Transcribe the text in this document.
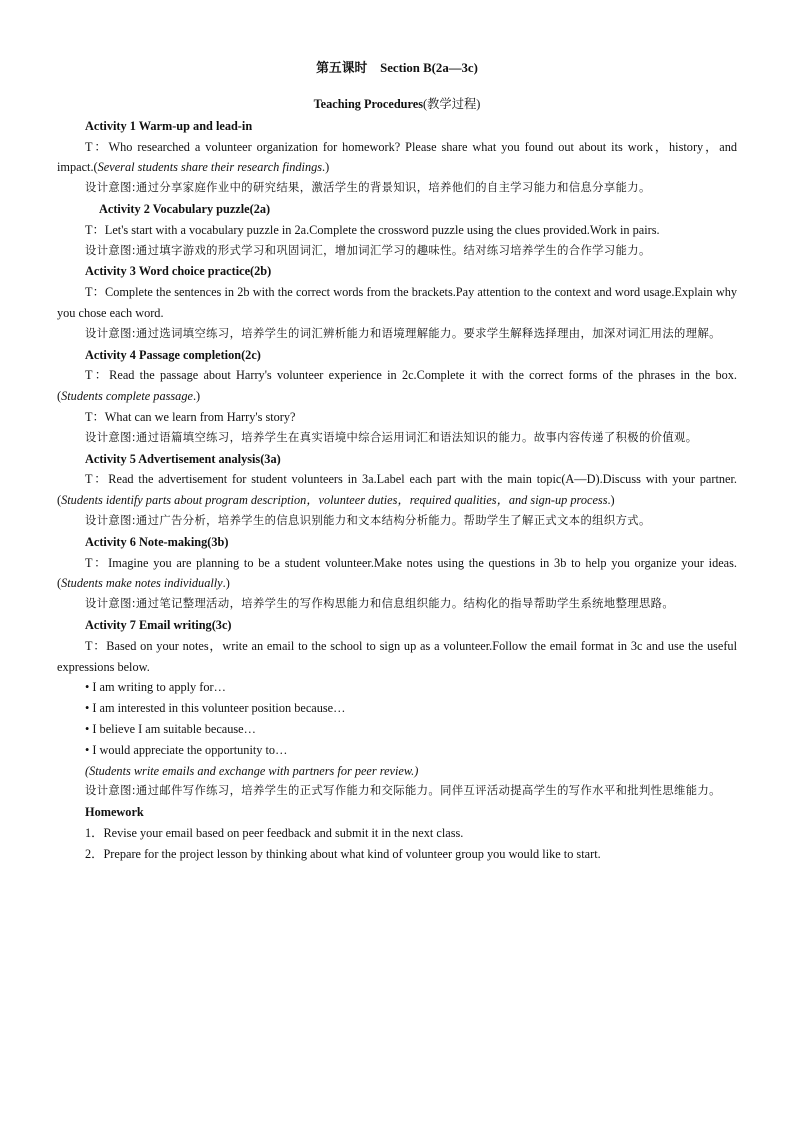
第五课时　Section B(2a—3c)
Teaching Procedures(教学过程)
Activity 1 Warm-up and lead-in
T：Who researched a volunteer organization for homework? Please share what you found out about its work，history，and impact.(Several students share their research findings.)
设计意图:通过分享家庭作业中的研究结果，激活学生的背景知识，培养他们的自主学习能力和信息分享能力。
Activity 2 Vocabulary puzzle(2a)
T：Let's start with a vocabulary puzzle in 2a.Complete the crossword puzzle using the clues provided.Work in pairs.
设计意图:通过填字游戏的形式学习和巩固词汇，增加词汇学习的趣味性。结对练习培养学生的合作学习能力。
Activity 3 Word choice practice(2b)
T：Complete the sentences in 2b with the correct words from the brackets.Pay attention to the context and word usage.Explain why you chose each word.
设计意图:通过选词填空练习，培养学生的词汇辨析能力和语境理解能力。要求学生解释选择理由，加深对词汇用法的理解。
Activity 4 Passage completion(2c)
T：Read the passage about Harry's volunteer experience in 2c.Complete it with the correct forms of the phrases in the box.(Students complete passage.)
T：What can we learn from Harry's story?
设计意图:通过语篇填空练习，培养学生在真实语境中综合运用词汇和语法知识的能力。故事内容传递了积极的价值观。
Activity 5 Advertisement analysis(3a)
T：Read the advertisement for student volunteers in 3a.Label each part with the main topic(A—D).Discuss with your partner.(Students identify parts about program description，volunteer duties，required qualities，and sign-up process.)
设计意图:通过广告分析，培养学生的信息识别能力和文本结构分析能力。帮助学生了解正式文本的组织方式。
Activity 6 Note-making(3b)
T：Imagine you are planning to be a student volunteer.Make notes using the questions in 3b to help you organize your ideas.(Students make notes individually.)
设计意图:通过笔记整理活动，培养学生的写作构思能力和信息组织能力。结构化的指导帮助学生系统地整理思路。
Activity 7 Email writing(3c)
T：Based on your notes，write an email to the school to sign up as a volunteer.Follow the email format in 3c and use the useful expressions below.
• I am writing to apply for…
• I am interested in this volunteer position because…
• I believe I am suitable because…
• I would appreciate the opportunity to…
(Students write emails and exchange with partners for peer review.)
设计意图:通过邮件写作练习，培养学生的正式写作能力和交际能力。同伴互评活动提高学生的写作水平和批判性思维能力。
Homework
1．Revise your email based on peer feedback and submit it in the next class.
2．Prepare for the project lesson by thinking about what kind of volunteer group you would like to start.
